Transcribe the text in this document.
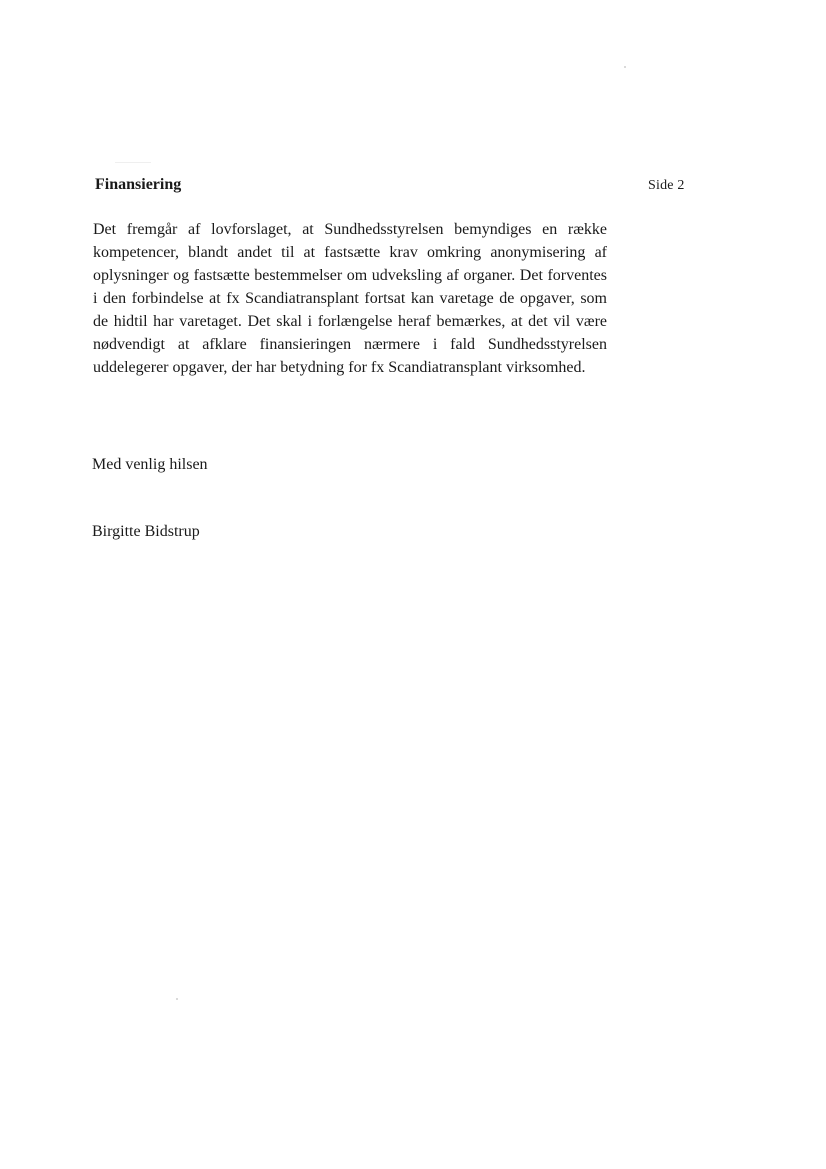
Finansiering	Side 2
Det fremgår af lovforslaget, at Sundhedsstyrelsen bemyndiges en række kompetencer, blandt andet til at fastsætte krav omkring anonymisering af oplysninger og fastsætte bestemmelser om udveksling af organer. Det forventes i den forbindelse at fx Scandiatransplant fortsat kan varetage de opgaver, som de hidtil har varetaget. Det skal i forlængelse heraf bemærkes, at det vil være nødvendigt at afklare finansieringen nærmere i fald Sundhedsstyrelsen uddelegerer opgaver, der har betydning for fx Scandiatransplant virksomhed.
Med venlig hilsen
Birgitte Bidstrup
